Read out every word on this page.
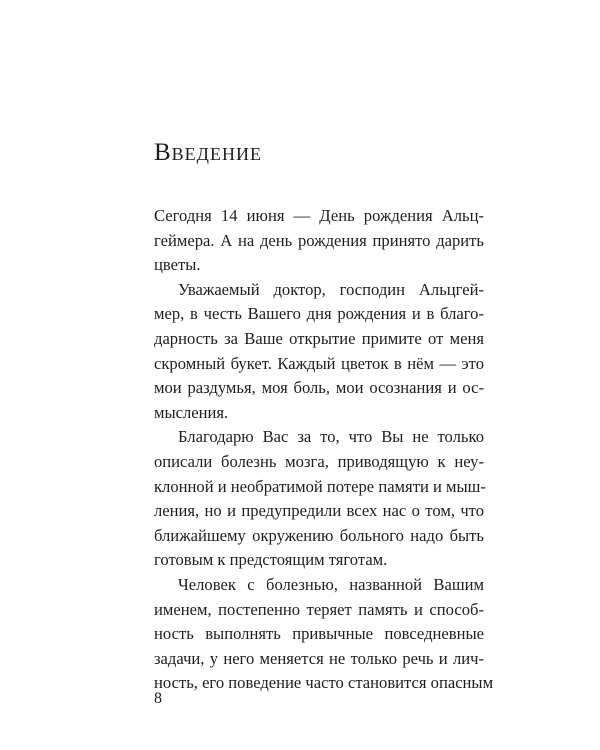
Введение
Сегодня 14 июня — День рождения Альц-
геймера. А на день рождения принято дарить
цветы.
Уважаемый доктор, господин Альцгей-
мер, в честь Вашего дня рождения и в благо-
дарность за Ваше открытие примите от меня
скромный букет. Каждый цветок в нём — это
мои раздумья, моя боль, мои осознания и ос-
мысления.
Благодарю Вас за то, что Вы не только
описали болезнь мозга, приводящую к неу-
клонной и необратимой потере памяти и мыш-
ления, но и предупредили всех нас о том, что
ближайшему окружению больного надо быть
готовым к предстоящим тяготам.
Человек с болезнью, названной Вашим
именем, постепенно теряет память и способ-
ность выполнять привычные повседневные
задачи, у него меняется не только речь и лич-
ность, его поведение часто становится опасным
8
